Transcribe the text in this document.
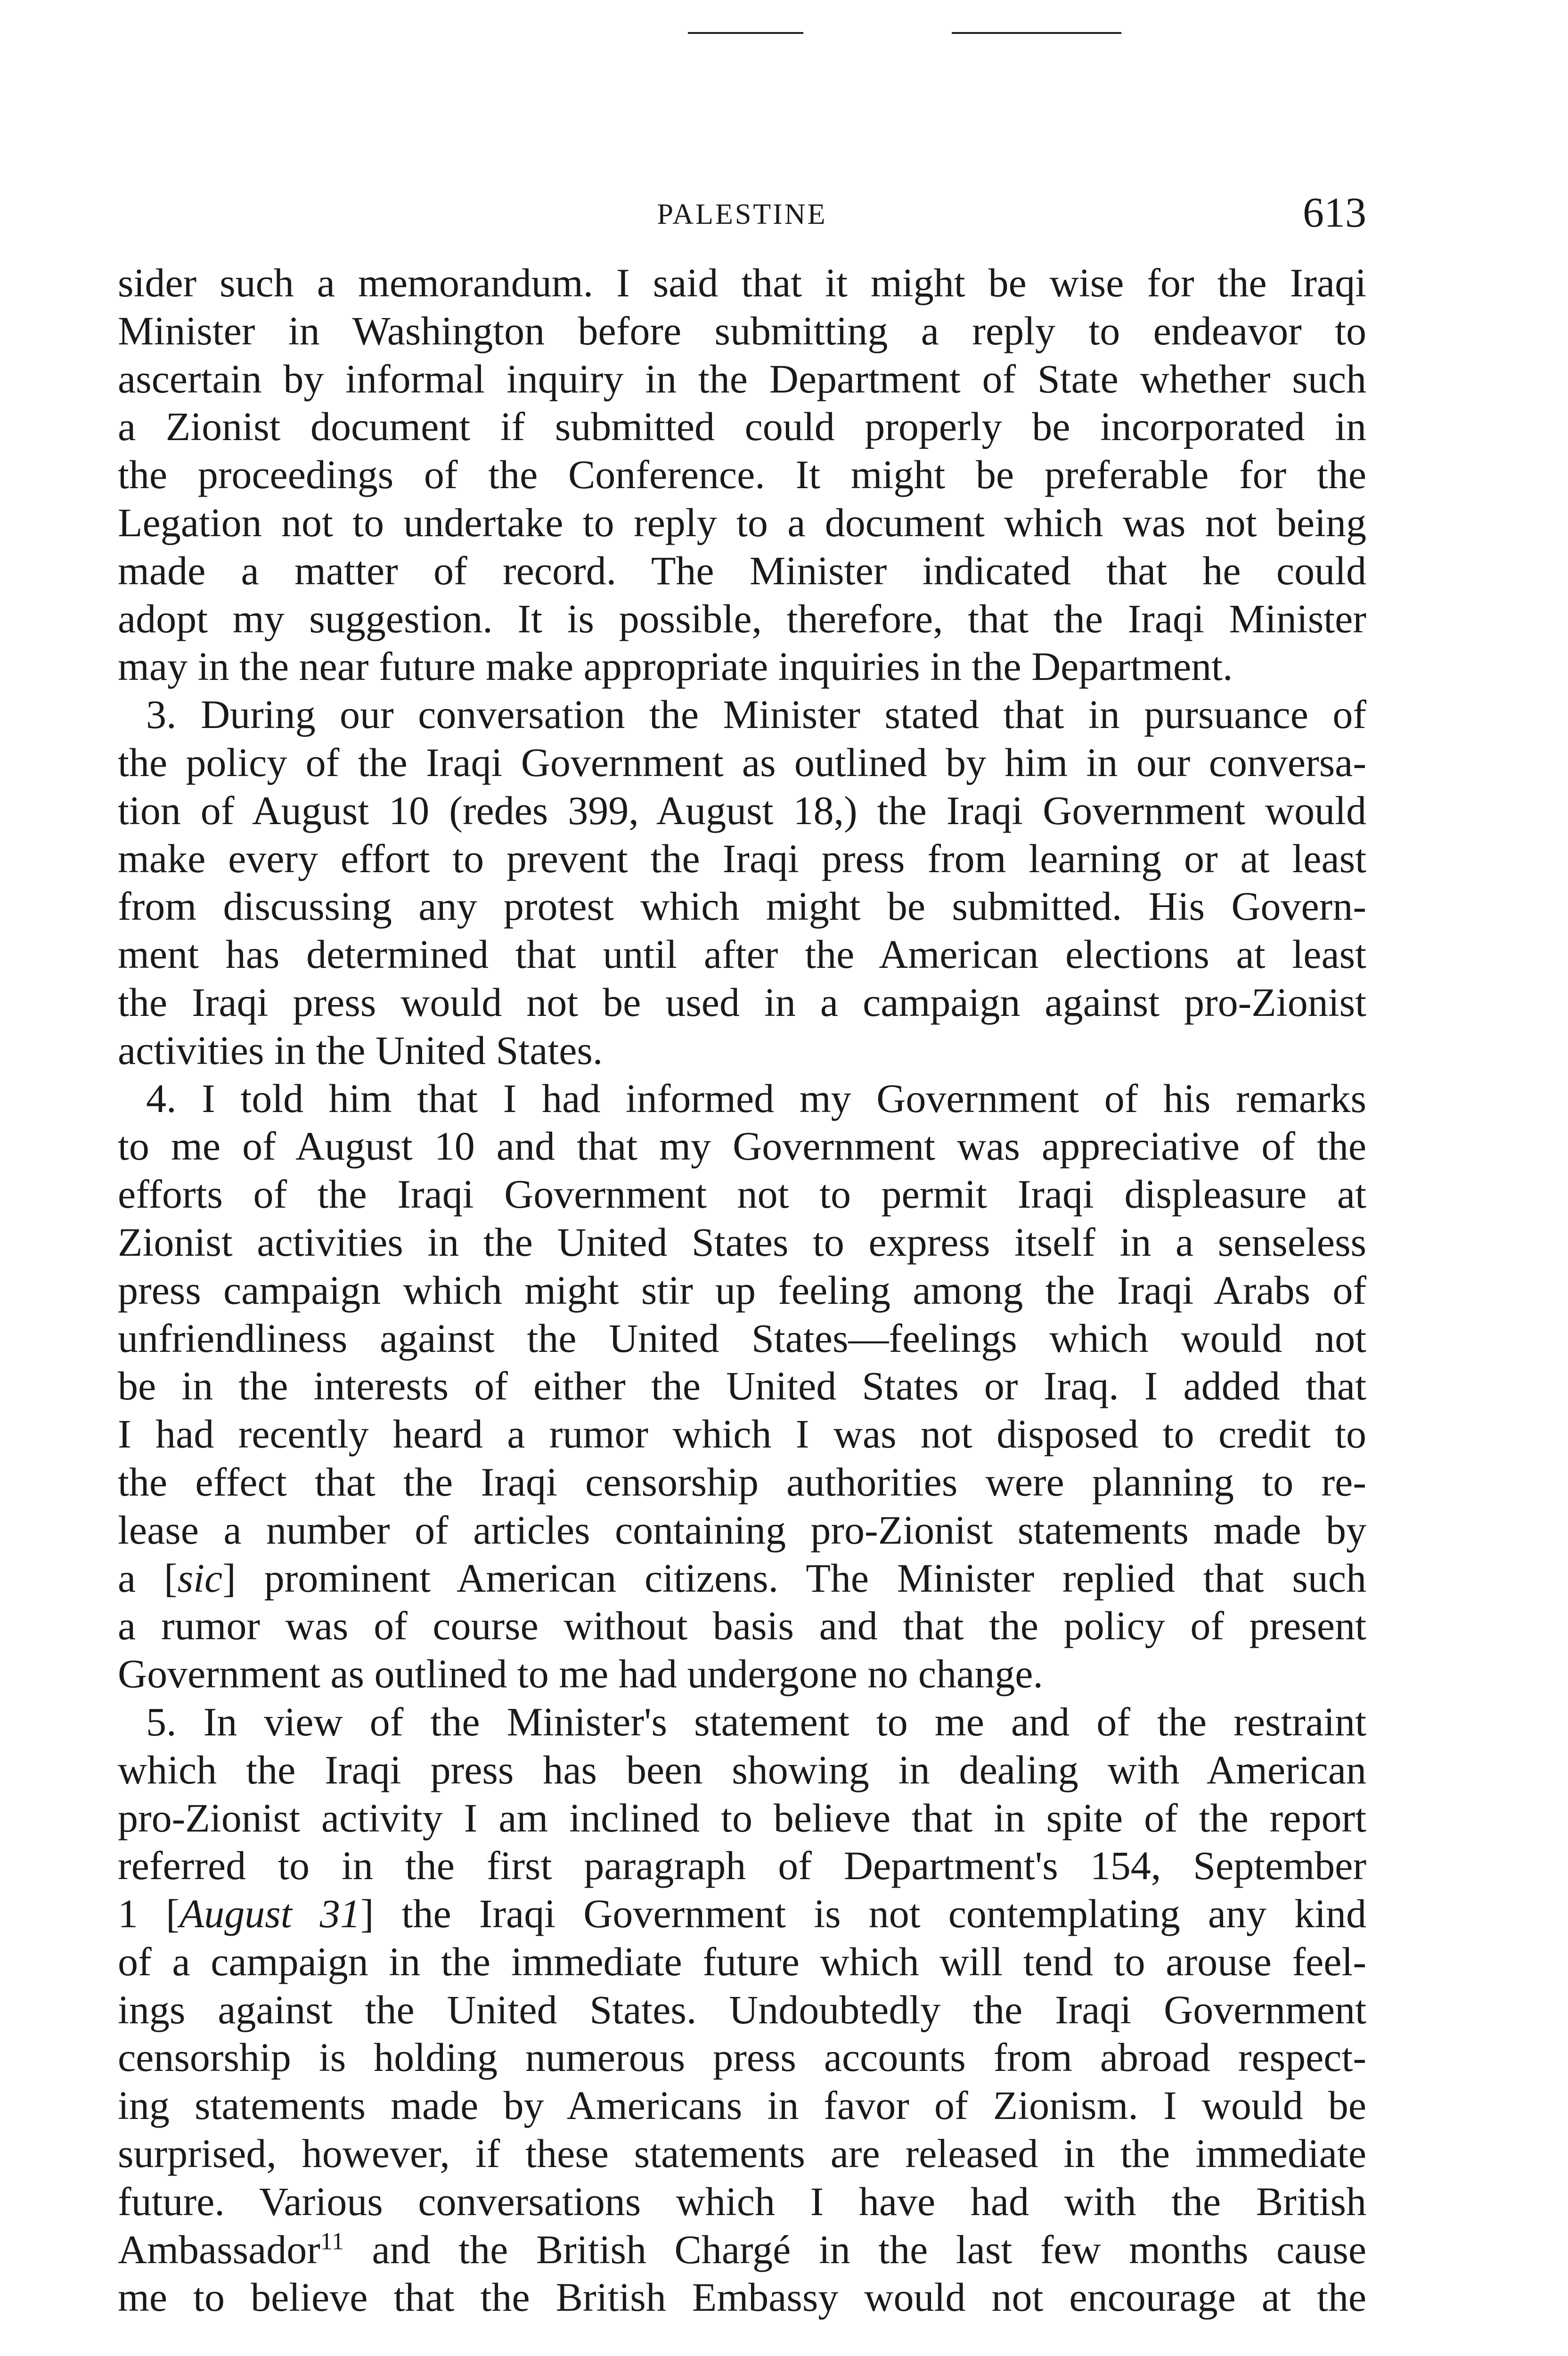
PALESTINE	613
sider such a memorandum. I said that it might be wise for the Iraqi
Minister in Washington before submitting a reply to endeavor to
ascertain by informal inquiry in the Department of State whether such
a Zionist document if submitted could properly be incorporated in
the proceedings of the Conference. It might be preferable for the
Legation not to undertake to reply to a document which was not being
made a matter of record. The Minister indicated that he could
adopt my suggestion. It is possible, therefore, that the Iraqi Minister
may in the near future make appropriate inquiries in the Department.
3. During our conversation the Minister stated that in pursuance of
the policy of the Iraqi Government as outlined by him in our conversa-
tion of August 10 (redes 399, August 18,) the Iraqi Government would
make every effort to prevent the Iraqi press from learning or at least
from discussing any protest which might be submitted. His Govern-
ment has determined that until after the American elections at least
the Iraqi press would not be used in a campaign against pro-Zionist
activities in the United States.
4. I told him that I had informed my Government of his remarks
to me of August 10 and that my Government was appreciative of the
efforts of the Iraqi Government not to permit Iraqi displeasure at
Zionist activities in the United States to express itself in a senseless
press campaign which might stir up feeling among the Iraqi Arabs of
unfriendliness against the United States—feelings which would not
be in the interests of either the United States or Iraq. I added that
I had recently heard a rumor which I was not disposed to credit to
the effect that the Iraqi censorship authorities were planning to re-
lease a number of articles containing pro-Zionist statements made by
a [sic] prominent American citizens. The Minister replied that such
a rumor was of course without basis and that the policy of present
Government as outlined to me had undergone no change.
5. In view of the Minister's statement to me and of the restraint
which the Iraqi press has been showing in dealing with American
pro-Zionist activity I am inclined to believe that in spite of the report
referred to in the first paragraph of Department's 154, September
1 [August 31] the Iraqi Government is not contemplating any kind
of a campaign in the immediate future which will tend to arouse feel-
ings against the United States. Undoubtedly the Iraqi Government
censorship is holding numerous press accounts from abroad respect-
ing statements made by Americans in favor of Zionism. I would be
surprised, however, if these statements are released in the immediate
future. Various conversations which I have had with the British
Ambassador$^{11}$ and the British Chargé in the last few months cause
me to believe that the British Embassy would not encourage at the
